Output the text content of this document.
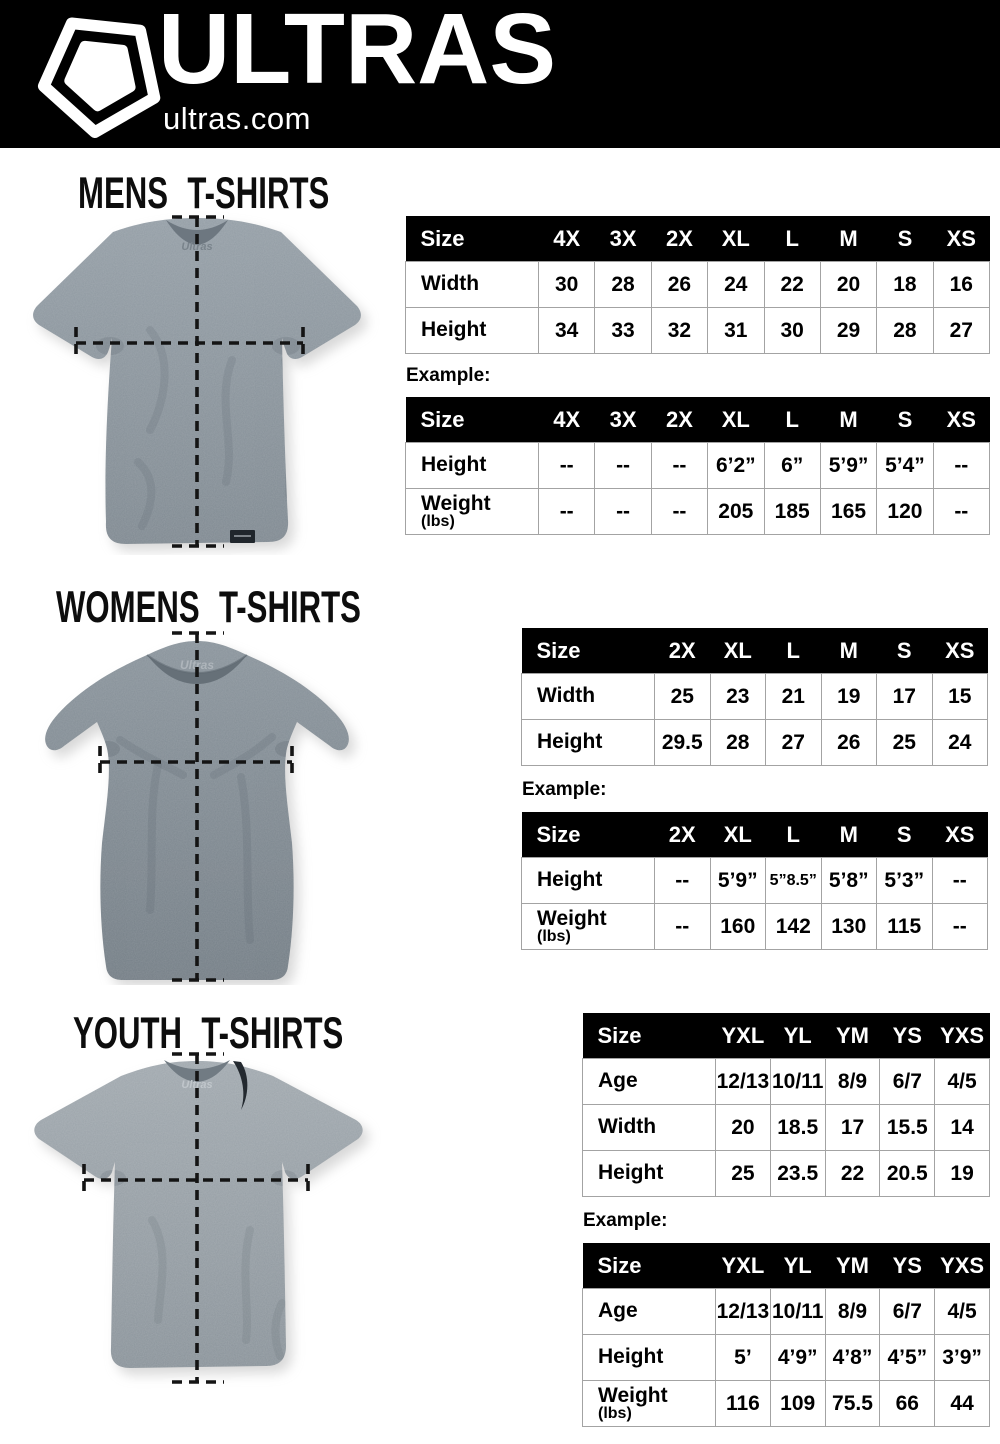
ULTRAS
ultras.com
MENS T-SHIRTS
Ultras	Size	4X	3X	2X	XL	L	M	S	XS

Width	30	28	26	24	22	20	18	16

Height	34	33	32	31	30	29	28	27
Example:
Size	4X	3X	2X	XL	L	M	S	XS

Height	--	--	--	6’2”	6”	5’9”	5’4”	--

Weight
(lbs)	--	--	--	205	185	165	120	--
WOMENS T-SHIRTS
Ultras
Size	2X	XL	L	M	S	XS

Width	25	23	21	19	17	15

Height	29.5	28	27	26	25	24
Example:
Size	2X	XL	L	M	S	XS

Height	--	5’9”	5”8.5”	5’8”	5’3”	--

Weight
(lbs)	--	160	142	130	115	--
YOUTH T-SHIRTS
Ultras
Size	YXL	YL	YM	YS	YXS

Age	12/13	10/11	8/9	6/7	4/5

Width	20	18.5	17	15.5	14

Height	25	23.5	22	20.5	19
Example:
Size	YXL	YL	YM	YS	YXS

Age	12/13	10/11	8/9	6/7	4/5

Height	5’	4’9”	4’8”	4’5”	3’9”

Weight
(lbs)	116	109	75.5	66	44
